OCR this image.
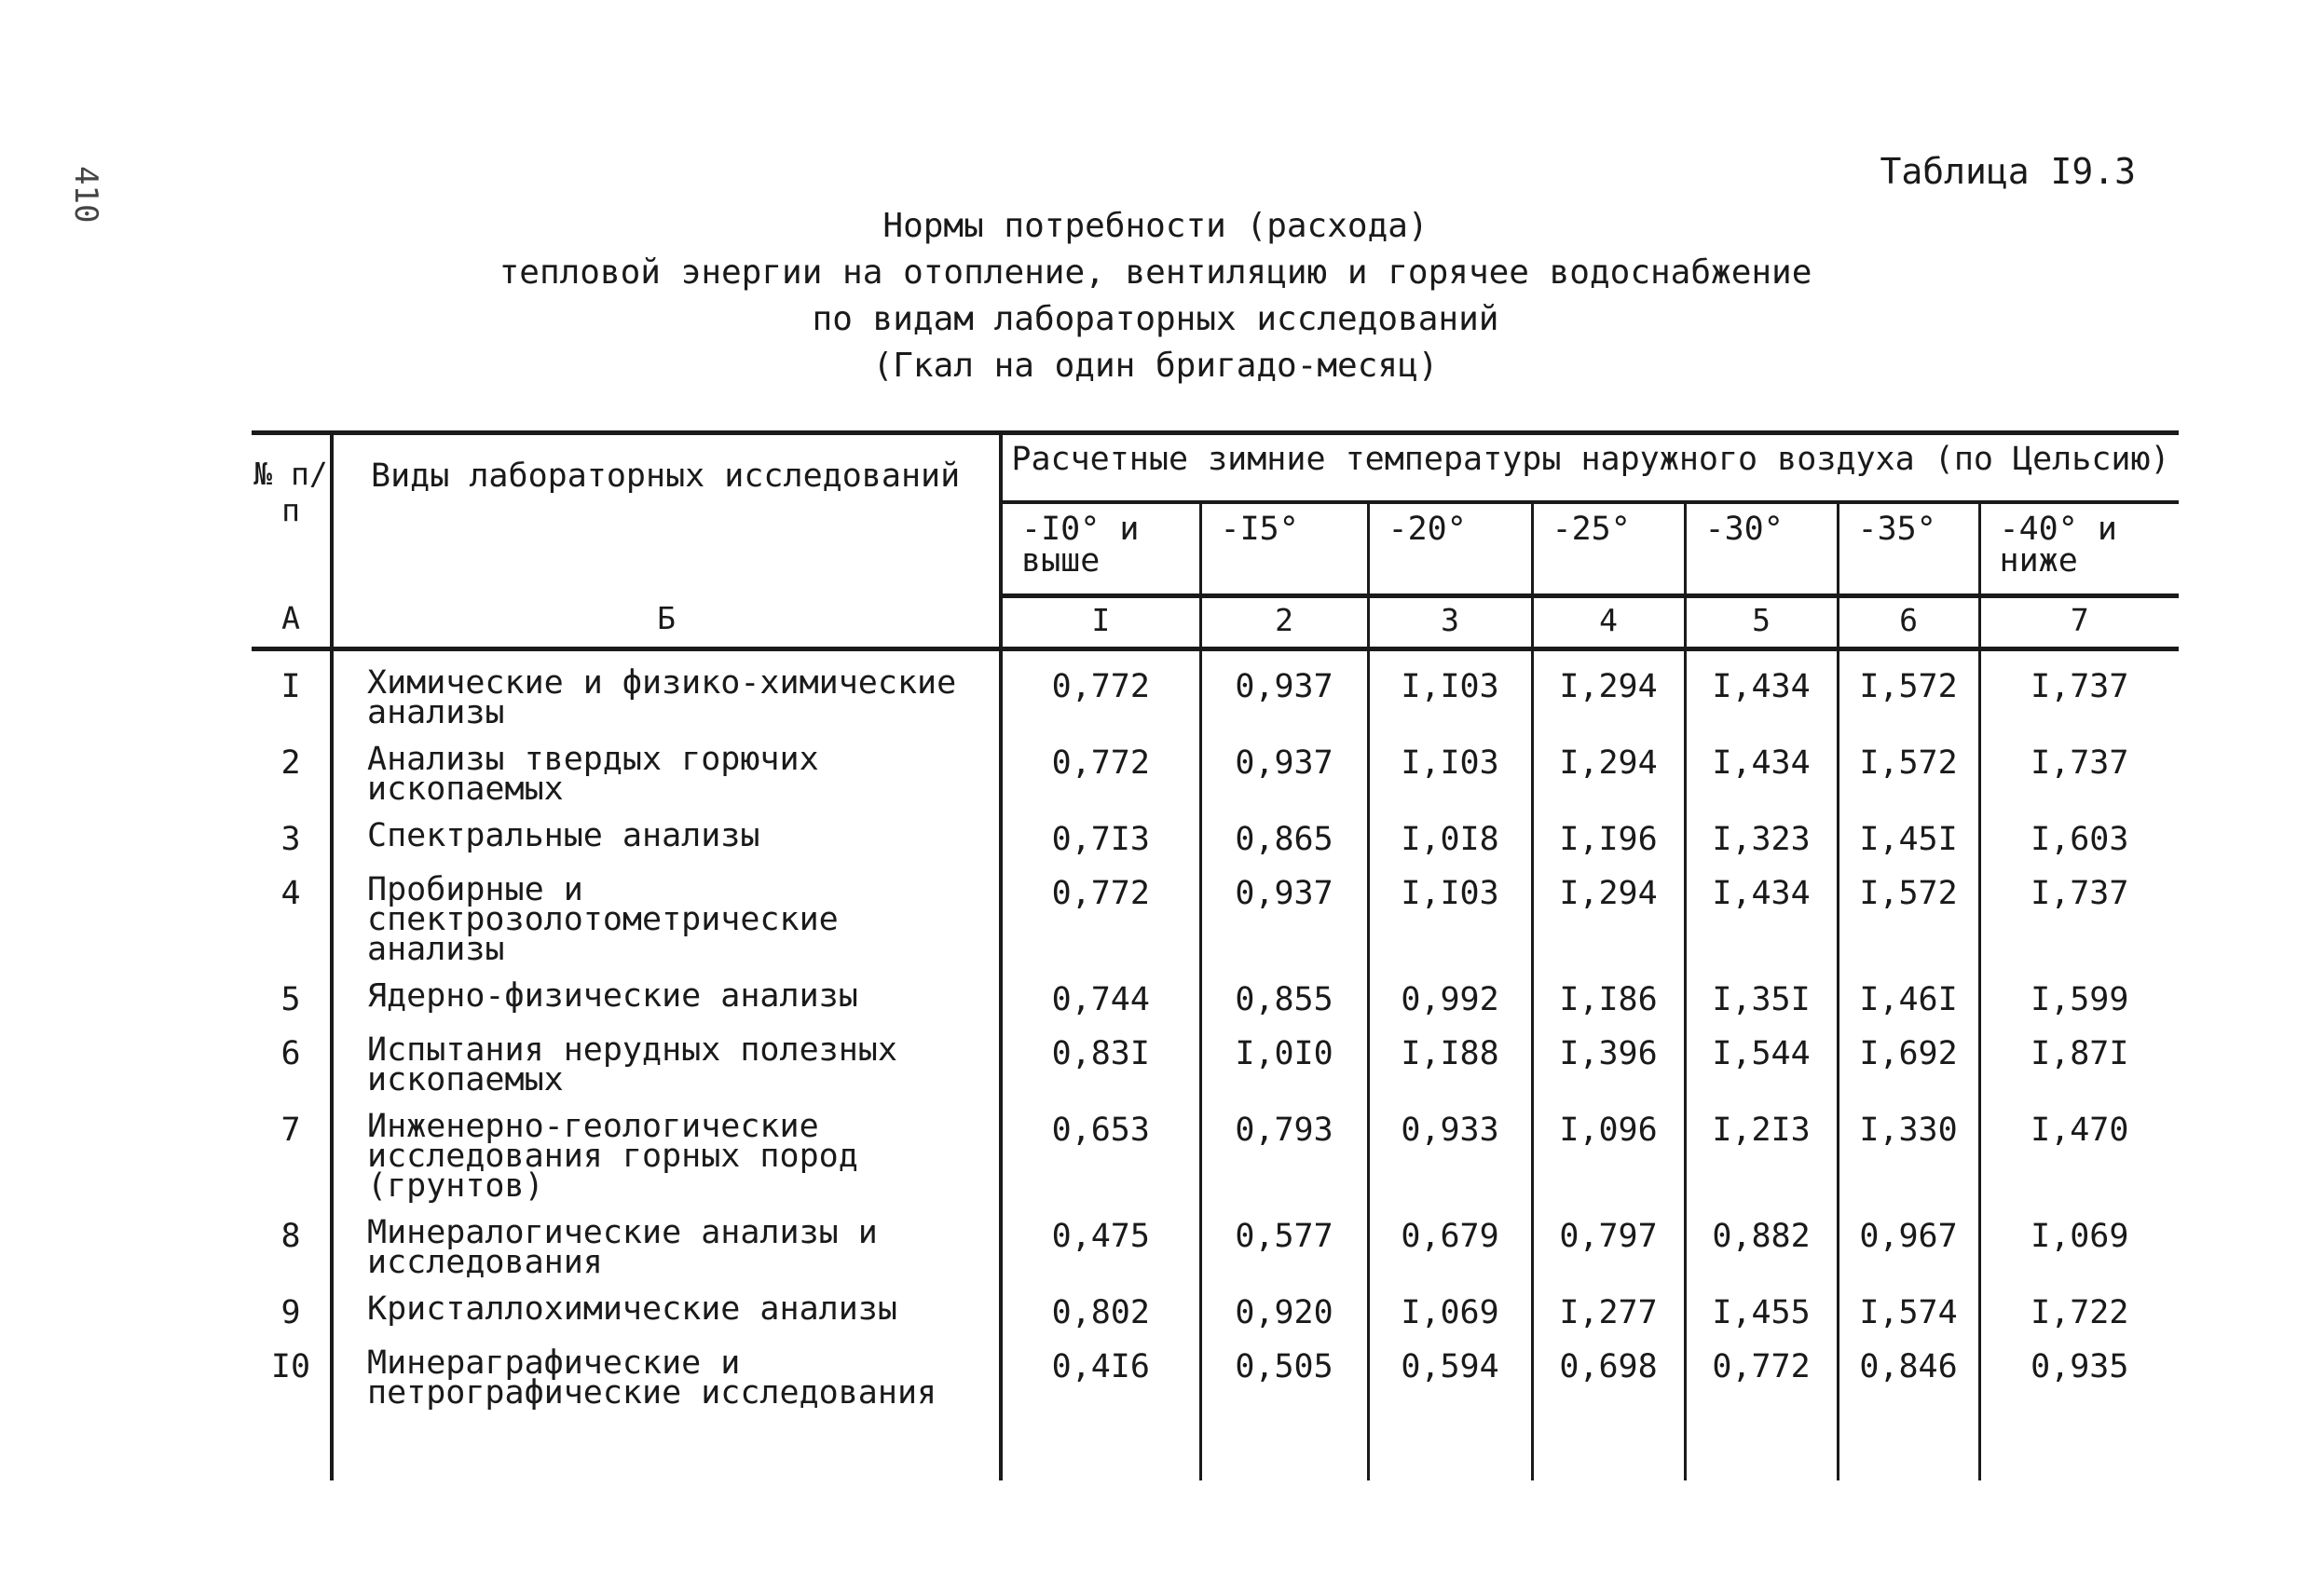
410	Таблица I9.3
Нормы потребности (расхода)
тепловой энергии на отопление, вентиляцию и горячее водоснабжение
по видам лабораторных исследований
(Гкал на один бригадо-месяц)
№ п/п	Виды лабораторных исследований	Расчетные зимние температуры наружного воздуха (по Цельсию)						
		-I0° и выше	-I5°	-20°	-25°	-30°	-35°	-40° и ниже
А	Б	I	2	3	4	5	6	7
I	Химические и физико-химические анализы	0,772	0,937	I,I03	I,294	I,434	I,572	I,737
2	Анализы твердых горючих ископаемых	0,772	0,937	I,I03	I,294	I,434	I,572	I,737
3	Спектральные анализы	0,7I3	0,865	I,0I8	I,I96	I,323	I,45I	I,603
4	Пробирные и спектрозолотометрические анализы	0,772	0,937	I,I03	I,294	I,434	I,572	I,737
5	Ядерно-физические анализы	0,744	0,855	0,992	I,I86	I,35I	I,46I	I,599
6	Испытания нерудных полезных ископаемых	0,83I	I,0I0	I,I88	I,396	I,544	I,692	I,87I
7	Инженерно-геологические исследования горных пород (грунтов)	0,653	0,793	0,933	I,096	I,2I3	I,330	I,470
8	Минералогические анализы и исследования	0,475	0,577	0,679	0,797	0,882	0,967	I,069
9	Кристаллохимические анализы	0,802	0,920	I,069	I,277	I,455	I,574	I,722
I0	Минераграфические и петрографические исследования	0,4I6	0,505	0,594	0,698	0,772	0,846	0,935
